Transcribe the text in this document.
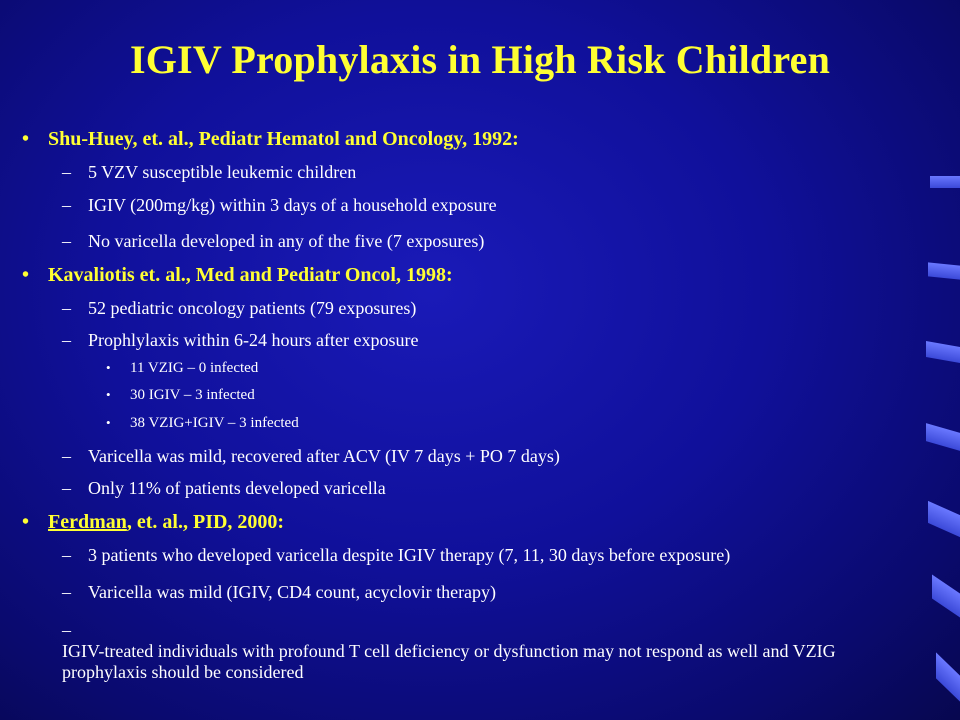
IGIV Prophylaxis in High Risk Children
• Shu-Huey, et. al., Pediatr Hematol and Oncology, 1992:
– 5 VZV susceptible leukemic children
– IGIV (200mg/kg) within 3 days of a household exposure
– No varicella developed in any of the five (7 exposures)
• Kavaliotis et. al., Med and Pediatr Oncol, 1998:
– 52 pediatric oncology patients (79 exposures)
– Prophlylaxis within 6-24 hours after exposure
• 11 VZIG – 0 infected
• 30 IGIV – 3 infected
• 38 VZIG+IGIV – 3 infected
– Varicella was mild, recovered after ACV (IV 7 days + PO 7 days)
– Only 11% of patients developed varicella
• Ferdman, et. al., PID, 2000:
– 3 patients who developed varicella despite IGIV therapy (7, 11, 30 days before exposure)
– Varicella was mild (IGIV, CD4 count, acyclovir therapy)
–IGIV-treated individuals with profound T cell deficiency or dysfunction may not respond as well and VZIG prophylaxis should be considered
